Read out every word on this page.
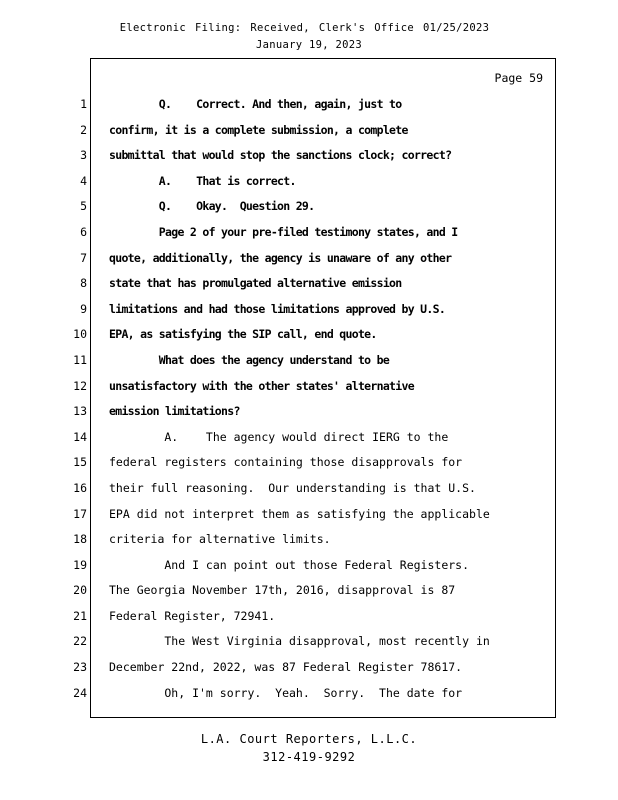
Electronic Filing: Received, Clerk's Office 01/25/2023
January 19, 2023
Page 59
1 Q.    Correct. And then, again, just to
2 confirm, it is a complete submission, a complete
3 submittal that would stop the sanctions clock; correct?
4 A.    That is correct.
5 Q.    Okay.  Question 29.
6 Page 2 of your pre-filed testimony states, and I
7 quote, additionally, the agency is unaware of any other
8 state that has promulgated alternative emission
9 limitations and had those limitations approved by U.S.
10 EPA, as satisfying the SIP call, end quote.
11 What does the agency understand to be
12 unsatisfactory with the other states' alternative
13 emission limitations?
14 A.    The agency would direct IERG to the
15 federal registers containing those disapprovals for
16 their full reasoning.  Our understanding is that U.S.
17 EPA did not interpret them as satisfying the applicable
18 criteria for alternative limits.
19 And I can point out those Federal Registers.
20 The Georgia November 17th, 2016, disapproval is 87
21 Federal Register, 72941.
22 The West Virginia disapproval, most recently in
23 December 22nd, 2022, was 87 Federal Register 78617.
24 Oh, I'm sorry.  Yeah.  Sorry.  The date for
L.A. Court Reporters, L.L.C.
312-419-9292
